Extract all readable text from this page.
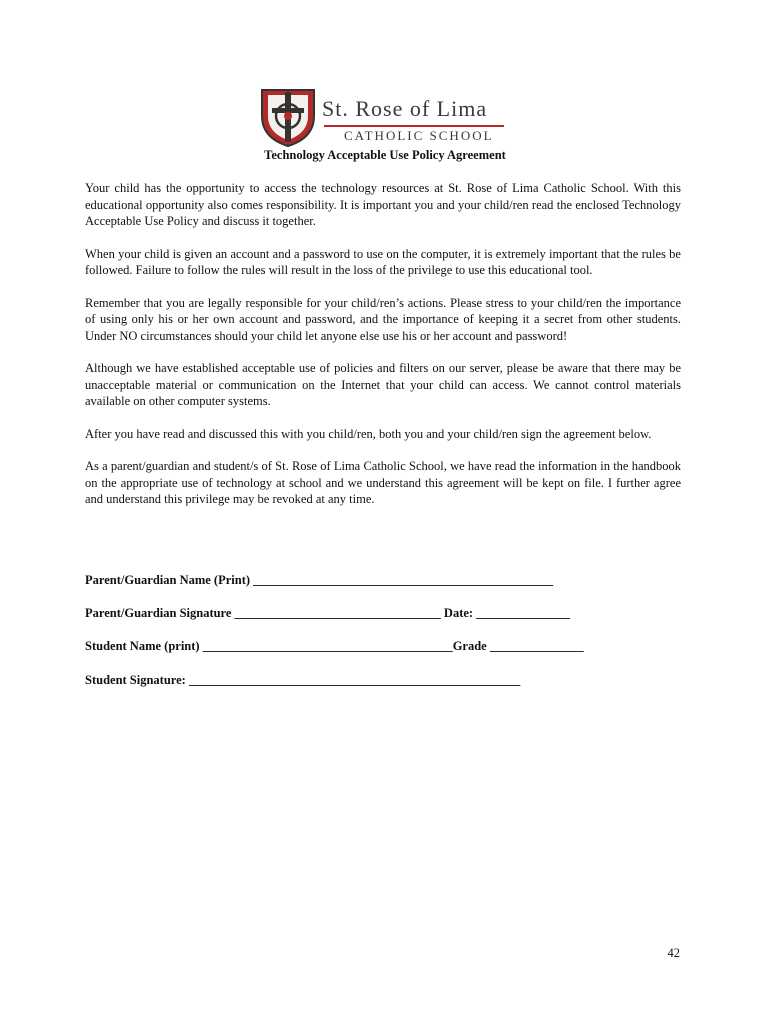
St. Rose of Lima
CATHOLIC SCHOOL
Technology Acceptable Use Policy Agreement

Your child has the opportunity to access the technology resources at St. Rose of Lima Catholic School. With this educational opportunity also comes responsibility. It is important you and your child/ren read the enclosed Technology Acceptable Use Policy and discuss it together.

When your child is given an account and a password to use on the computer, it is extremely important that the rules be followed. Failure to follow the rules will result in the loss of the privilege to use this educational tool.

Remember that you are legally responsible for your child/ren’s actions. Please stress to your child/ren the importance of using only his or her own account and password, and the importance of keeping it a secret from other students. Under NO circumstances should your child let anyone else use his or her account and password!

Although we have established acceptable use of policies and filters on our server, please be aware that there may be unacceptable material or communication on the Internet that your child can access. We cannot control materials available on other computer systems.

After you have read and discussed this with you child/ren, both you and your child/ren sign the agreement below.

As a parent/guardian and student/s of St. Rose of Lima Catholic School, we have read the information in the handbook on the appropriate use of technology at school and we understand this agreement will be kept on file. I further agree and understand this privilege may be revoked at any time.

Parent/Guardian Name (Print) ________________________________________________
Parent/Guardian Signature _________________________________ Date: _______________
Student Name (print) ________________________________________Grade _______________
Student Signature: _____________________________________________________
42
